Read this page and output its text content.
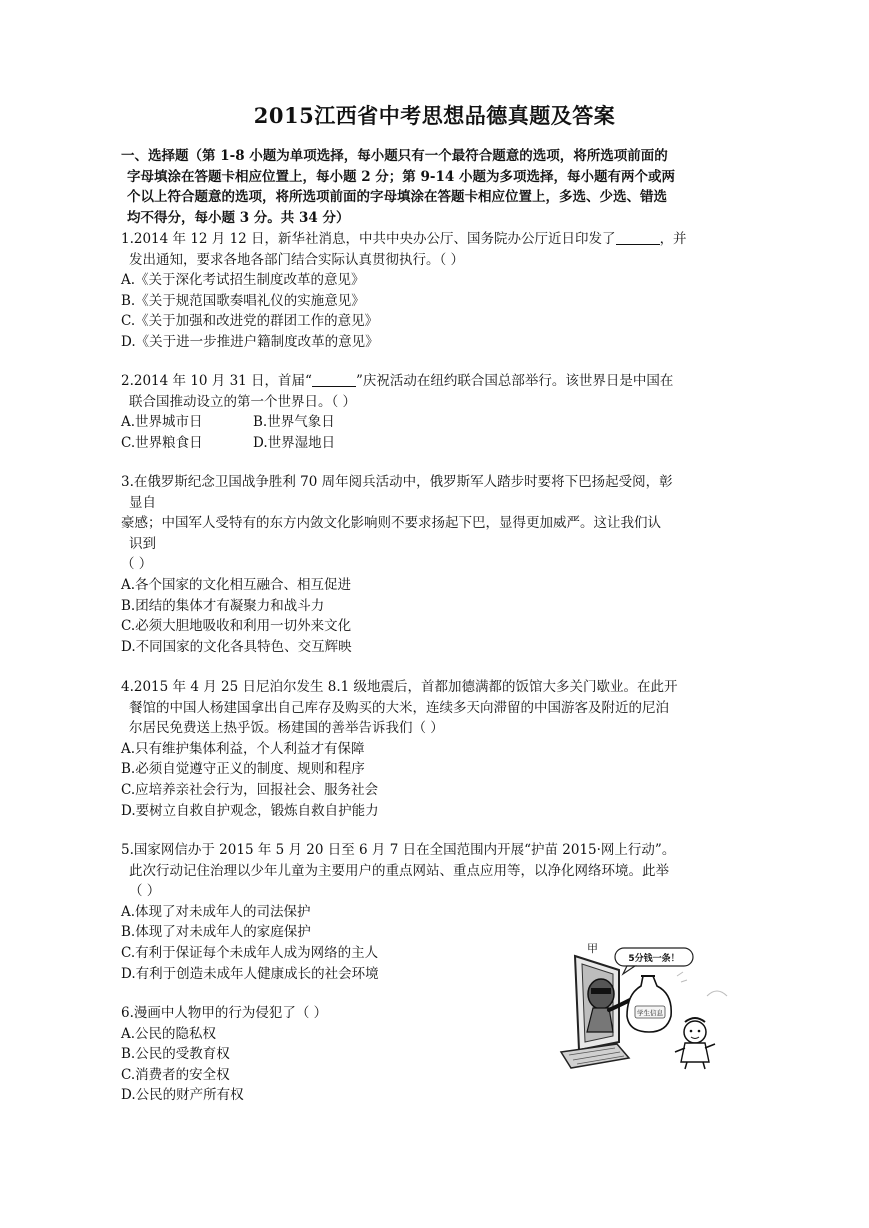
2015江西省中考思想品德真题及答案
一、选择题（第 1-8 小题为单项选择，每小题只有一个最符合题意的选项，将所选项前面的
字母填涂在答题卡相应位置上，每小题 2 分；第 9-14 小题为多项选择，每小题有两个或两
个以上符合题意的选项，将所选项前面的字母填涂在答题卡相应位置上，多选、少选、错选
均不得分，每小题 3 分。共 34 分）
1.2014 年 12 月 12 日，新华社消息，中共中央办公厅、国务院办公厅近日印发了	，并
发出通知，要求各地各部门结合实际认真贯彻执行。（ ）
A.《关于深化考试招生制度改革的意见》
B.《关于规范国歌奏唱礼仪的实施意见》
C.《关于加强和改进党的群团工作的意见》
D.《关于进一步推进户籍制度改革的意见》
2.2014 年 10 月 31 日，首届“	”庆祝活动在纽约联合国总部举行。该世界日是中国在
联合国推动设立的第一个世界日。（ ）
A.世界城市日	B.世界气象日
C.世界粮食日	D.世界湿地日
3.在俄罗斯纪念卫国战争胜利 70 周年阅兵活动中，俄罗斯军人踏步时要将下巴扬起受阅，彰
显自
豪感；中国军人受特有的东方内敛文化影响则不要求扬起下巴，显得更加威严。这让我们认
识到
（ ）
A.各个国家的文化相互融合、相互促进
B.团结的集体才有凝聚力和战斗力
C.必须大胆地吸收和利用一切外来文化
D.不同国家的文化各具特色、交互辉映
4.2015 年 4 月 25 日尼泊尔发生 8.1 级地震后，首都加德满都的饭馆大多关门歇业。在此开
餐馆的中国人杨建国拿出自己库存及购买的大米，连续多天向滞留的中国游客及附近的尼泊
尔居民免费送上热乎饭。杨建国的善举告诉我们（ ）
A.只有维护集体利益，个人利益才有保障
B.必须自觉遵守正义的制度、规则和程序
C.应培养亲社会行为，回报社会、服务社会
D.要树立自救自护观念，锻炼自救自护能力
5.国家网信办于 2015 年 5 月 20 日至 6 月 7 日在全国范围内开展“护苗 2015·网上行动”。
此次行动记住治理以少年儿童为主要用户的重点网站、重点应用等，以净化网络环境。此举
（ ）
A.体现了对未成年人的司法保护
B.体现了对未成年人的家庭保护
C.有利于保证每个未成年人成为网络的主人
D.有利于创造未成年人健康成长的社会环境
6.漫画中人物甲的行为侵犯了（ ）
A.公民的隐私权
B.公民的受教育权
C.消费者的安全权
D.公民的财产所有权
5分钱一条！
甲
学生信息
